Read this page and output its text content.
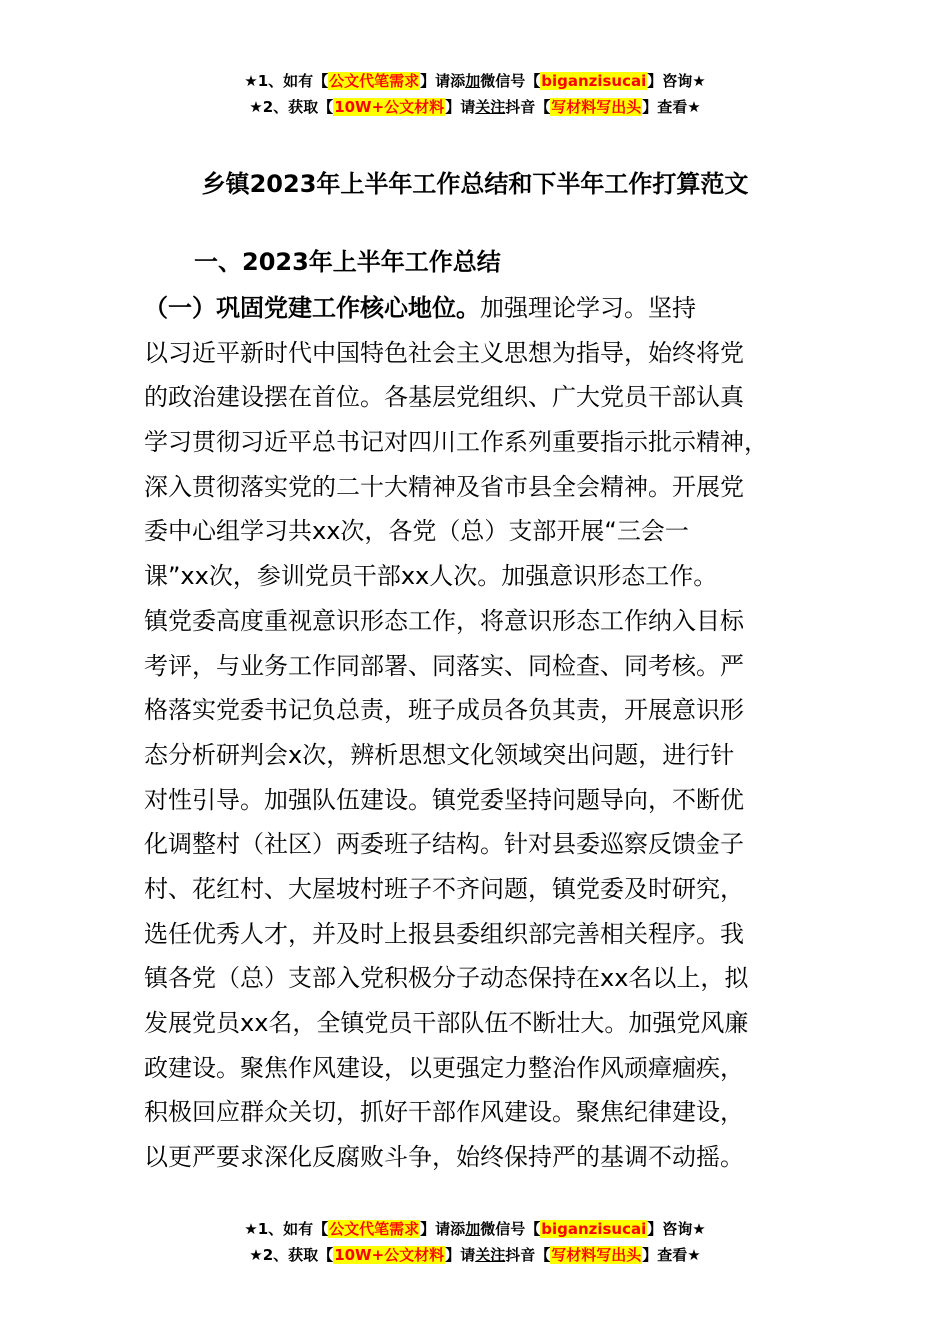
★1、如有【公文代笔需求】请添加微信号【biganzisucai】咨询★
★2、获取【10W+公文材料】请关注抖音【写材料写出头】查看★
乡镇2023年上半年工作总结和下半年工作打算范文
一、2023年上半年工作总结
（一）巩固党建工作核心地位。加强理论学习。坚持
以习近平新时代中国特色社会主义思想为指导，始终将党
的政治建设摆在首位。各基层党组织、广大党员干部认真
学习贯彻习近平总书记对四川工作系列重要指示批示精神，
深入贯彻落实党的二十大精神及省市县全会精神。开展党
委中心组学习共xx次，各党（总）支部开展“三会一
课”xx次，参训党员干部xx人次。加强意识形态工作。
镇党委高度重视意识形态工作，将意识形态工作纳入目标
考评，与业务工作同部署、同落实、同检查、同考核。严
格落实党委书记负总责，班子成员各负其责，开展意识形
态分析研判会x次，辨析思想文化领域突出问题，进行针
对性引导。加强队伍建设。镇党委坚持问题导向，不断优
化调整村（社区）两委班子结构。针对县委巡察反馈金子
村、花红村、大屋坡村班子不齐问题，镇党委及时研究，
选任优秀人才，并及时上报县委组织部完善相关程序。我
镇各党（总）支部入党积极分子动态保持在xx名以上，拟
发展党员xx名，全镇党员干部队伍不断壮大。加强党风廉
政建设。聚焦作风建设，以更强定力整治作风顽瘴痼疾，
积极回应群众关切，抓好干部作风建设。聚焦纪律建设，
以更严要求深化反腐败斗争，始终保持严的基调不动摇。
★1、如有【公文代笔需求】请添加微信号【biganzisucai】咨询★
★2、获取【10W+公文材料】请关注抖音【写材料写出头】查看★
